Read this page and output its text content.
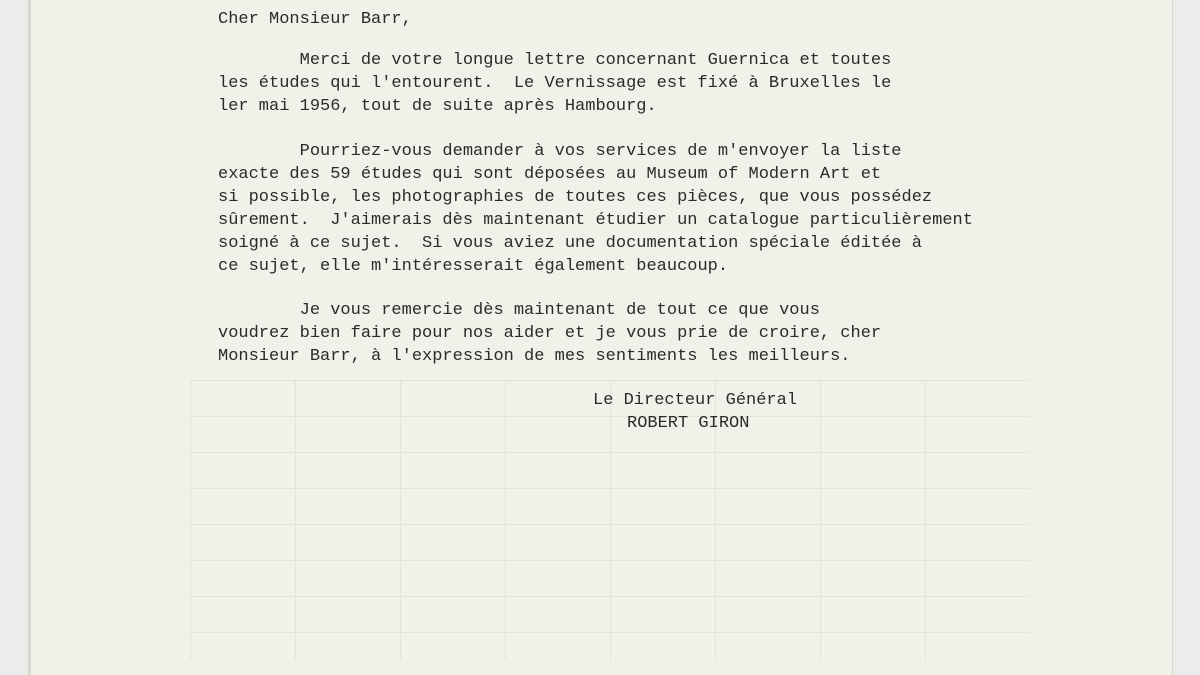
Cher Monsieur Barr,
Merci de votre longue lettre concernant Guernica et toutes
les études qui l'entourent.  Le Vernissage est fixé à Bruxelles le
ler mai 1956, tout de suite après Hambourg.
Pourriez-vous demander à vos services de m'envoyer la liste
exacte des 59 études qui sont déposées au Museum of Modern Art et
si possible, les photographies de toutes ces pièces, que vous possédez
sûrement.  J'aimerais dès maintenant étudier un catalogue particulièrement
soigné à ce sujet.  Si vous aviez une documentation spéciale éditée à
ce sujet, elle m'intéresserait également beaucoup.
Je vous remercie dès maintenant de tout ce que vous
voudrez bien faire pour nos aider et je vous prie de croire, cher
Monsieur Barr, à l'expression de mes sentiments les meilleurs.
Le Directeur Général
ROBERT GIRON
